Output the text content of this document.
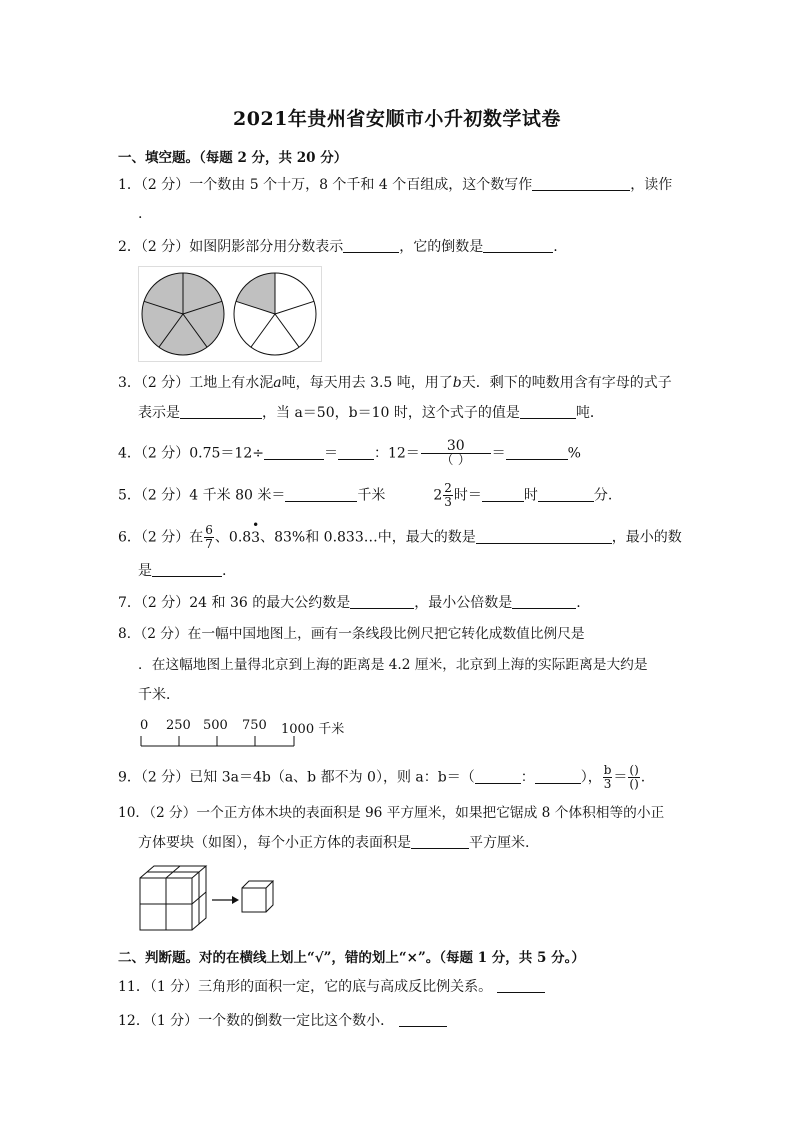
2021年贵州省安顺市小升初数学试卷
一、填空题。（每题 2 分，共 20 分）
1．（2 分）一个数由 5 个十万，8 个千和 4 个百组成，这个数写作	，读作
.
2．（2 分）如图阴影部分用分数表示	，它的倒数是	.
3．（2 分）工地上有水泥a吨，每天用去 3.5 吨，用了b天．剩下的吨数用含有字母的式子
表示是	，当 a＝50，b＝10 时，这个式子的值是	吨．
4．（2 分）0.75＝12÷	＝	：$12= \frac{30}{( )}$ ＝	%
5．（2 分）4 千米 80 米＝	千米	$2 \frac{2}{3}$ 时＝	时	分.
6．（2 分）在 $\frac{6}{7}$ 、0.8
•
3、83%和 0.833…中，最大的数是	，最小的数
是	.
7．（2 分）24 和 36 的最大公约数是	，最小公倍数是	.
8．（2 分）在一幅中国地图上，画有一条线段比例尺把它转化成数值比例尺是
．在这幅地图上量得北京到上海的距离是 4.2 厘米，北京到上海的实际距离是大约是
千米．
0 250 500 750 1000 千米
9．（2 分）已知 3a＝4b（a、b 都不为 0），则 a：b＝（	：	）， $\frac{b}{3} = \frac{()}{()}$ .
10．（2 分）一个正方体木块的表面积是 96 平方厘米，如果把它锯成 8 个体积相等的小正
方体要块（如图），每个小正方体的表面积是	平方厘米.
二、判断题。对的在横线上划上“√”，错的划上“×”。（每题 1 分，共 5 分。）
11．（1 分）三角形的面积一定，它的底与高成反比例关系。
12．（1 分）一个数的倒数一定比这个数小．
